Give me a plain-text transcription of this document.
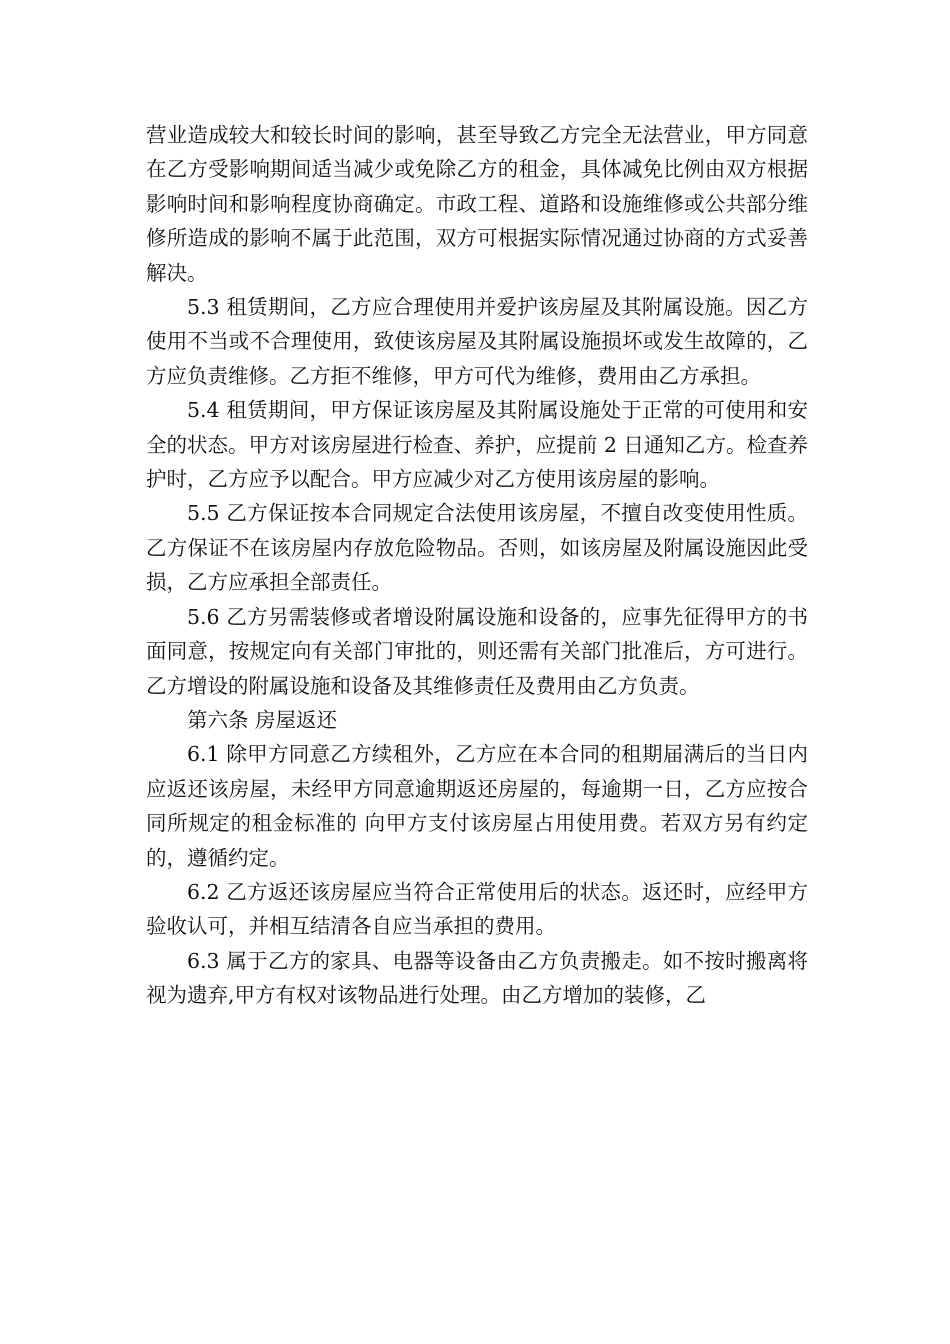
营业造成较大和较长时间的影响，甚至导致乙方完全无法营业，甲方同意在乙方受影响期间适当减少或免除乙方的租金，具体减免比例由双方根据影响时间和影响程度协商确定。市政工程、道路和设施维修或公共部分维修所造成的影响不属于此范围，双方可根据实际情况通过协商的方式妥善解决。

5.3 租赁期间，乙方应合理使用并爱护该房屋及其附属设施。因乙方使用不当或不合理使用，致使该房屋及其附属设施损坏或发生故障的，乙方应负责维修。乙方拒不维修，甲方可代为维修，费用由乙方承担。

5.4 租赁期间，甲方保证该房屋及其附属设施处于正常的可使用和安全的状态。甲方对该房屋进行检查、养护，应提前 2 日通知乙方。检查养护时，乙方应予以配合。甲方应减少对乙方使用该房屋的影响。

5.5 乙方保证按本合同规定合法使用该房屋，不擅自改变使用性质。乙方保证不在该房屋内存放危险物品。否则，如该房屋及附属设施因此受损，乙方应承担全部责任。

5.6 乙方另需装修或者增设附属设施和设备的，应事先征得甲方的书面同意，按规定向有关部门审批的，则还需有关部门批准后，方可进行。乙方增设的附属设施和设备及其维修责任及费用由乙方负责。

第六条 房屋返还

6.1 除甲方同意乙方续租外，乙方应在本合同的租期届满后的当日内应返还该房屋，未经甲方同意逾期返还房屋的，每逾期一日，乙方应按合同所规定的租金标准的 向甲方支付该房屋占用使用费。若双方另有约定的，遵循约定。

6.2 乙方返还该房屋应当符合正常使用后的状态。返还时，应经甲方验收认可，并相互结清各自应当承担的费用。

6.3 属于乙方的家具、电器等设备由乙方负责搬走。如不按时搬离将视为遗弃,甲方有权对该物品进行处理。由乙方增加的装修，乙
